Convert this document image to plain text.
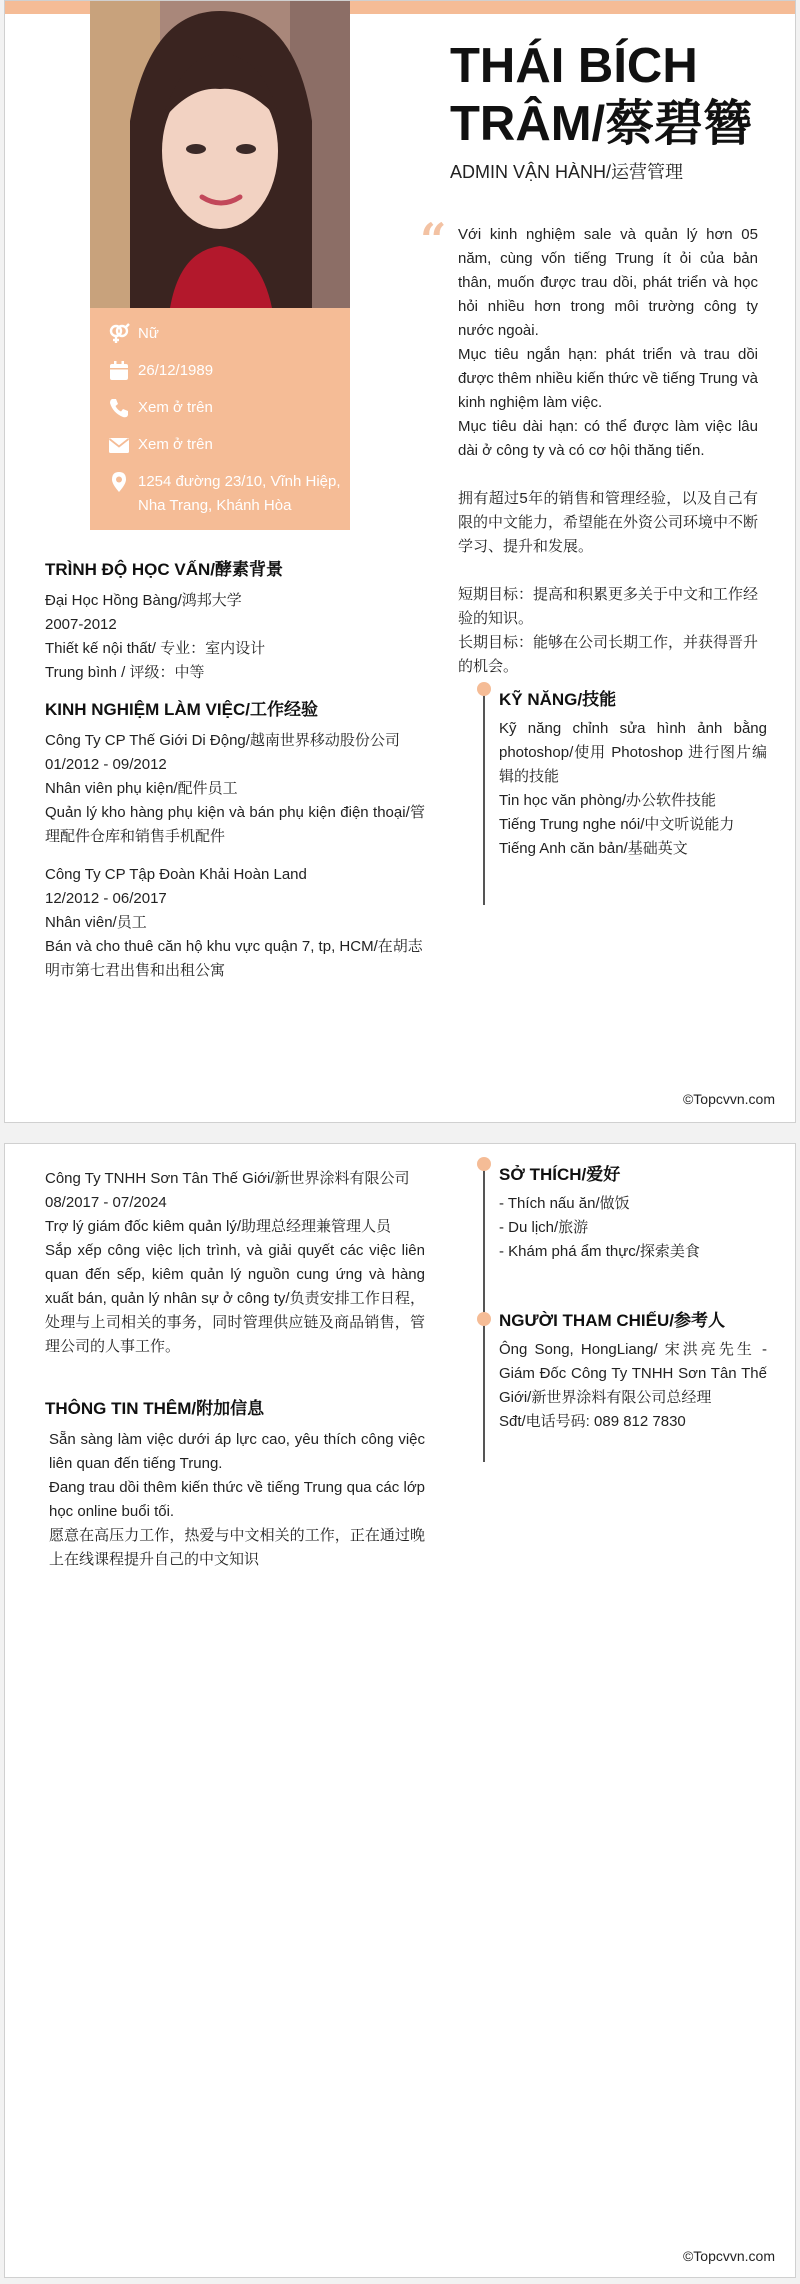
Nữ
26/12/1989
Xem ở trên
Xem ở trên
1254 đường 23/10, Vĩnh Hiệp, Nha Trang, Khánh Hòa
THÁI BÍCH TRÂM/蔡碧簪
ADMIN VẬN HÀNH/运营管理
“ Với kinh nghiệm sale và quản lý hơn 05 năm, cùng vốn tiếng Trung ít ỏi của bản thân, muốn được trau dồi, phát triển và học hỏi nhiều hơn trong môi trường công ty nước ngoài.

Mục tiêu ngắn hạn: phát triển và trau dồi được thêm nhiều kiến thức về tiếng Trung và kinh nghiệm làm việc.

Mục tiêu dài hạn: có thể được làm việc lâu dài ở công ty và có cơ hội thăng tiến.

拥有超过5年的销售和管理经验，以及自己有限的中文能力，希望能在外资公司环境中不断学习、提升和发展。

短期目标：提高和积累更多关于中文和工作经验的知识。

长期目标：能够在公司长期工作，并获得晋升的机会。

TRÌNH ĐỘ HỌC VẤN/酵素背景
Đại Học Hồng Bàng/鸿邦大学
2007-2012
Thiết kế nội thất/ 专业：室内设计
Trung bình / 评级：中等
KINH NGHIỆM LÀM VIỆC/工作经验
Công Ty CP Thế Giới Di Động/越南世界移动股份公司
01/2012 - 09/2012
Nhân viên phụ kiện/配件员工
Quản lý kho hàng phụ kiện và bán phụ kiện điện thoại/管理配件仓库和销售手机配件
Công Ty CP Tập Đoàn Khải Hoàn Land
12/2012 - 06/2017
Nhân viên/员工
Bán và cho thuê căn hộ khu vực quận 7, tp, HCM/在胡志明市第七君出售和出租公寓
KỸ NĂNG/技能
Kỹ năng chỉnh sửa hình ảnh bằng photoshop/使用 Photoshop 进行图片编辑的技能
Tin học văn phòng/办公软件技能
Tiếng Trung nghe nói/中文听说能力
Tiếng Anh căn bản/基础英文
©Topcvvn.com
Công Ty TNHH Sơn Tân Thế Giới/新世界涂料有限公司
08/2017 - 07/2024
Trợ lý giám đốc kiêm quản lý/助理总经理兼管理人员
Sắp xếp công việc lịch trình, và giải quyết các việc liên quan đến sếp, kiêm quản lý nguồn cung ứng và hàng xuất bán, quản lý nhân sự ở công ty/负责安排工作日程，处理与上司相关的事务，同时管理供应链及商品销售，管理公司的人事工作。
THÔNG TIN THÊM/附加信息
Sẵn sàng làm việc dưới áp lực cao, yêu thích công việc liên quan đến tiếng Trung.
Đang trau dồi thêm kiến thức về tiếng Trung qua các lớp học online buổi tối.
愿意在高压力工作，热爱与中文相关的工作，正在通过晚上在线课程提升自己的中文知识
SỞ THÍCH/爱好
- Thích nấu ăn/做饭
- Du lịch/旅游
- Khám phá ẩm thực/探索美食
NGƯỜI THAM CHIẾU/参考人
Ông Song, HongLiang/ 宋洪亮先生 - Giám Đốc Công Ty TNHH Sơn Tân Thế Giới/新世界涂料有限公司总经理
Sđt/电话号码: 089 812 7830
©Topcvvn.com
